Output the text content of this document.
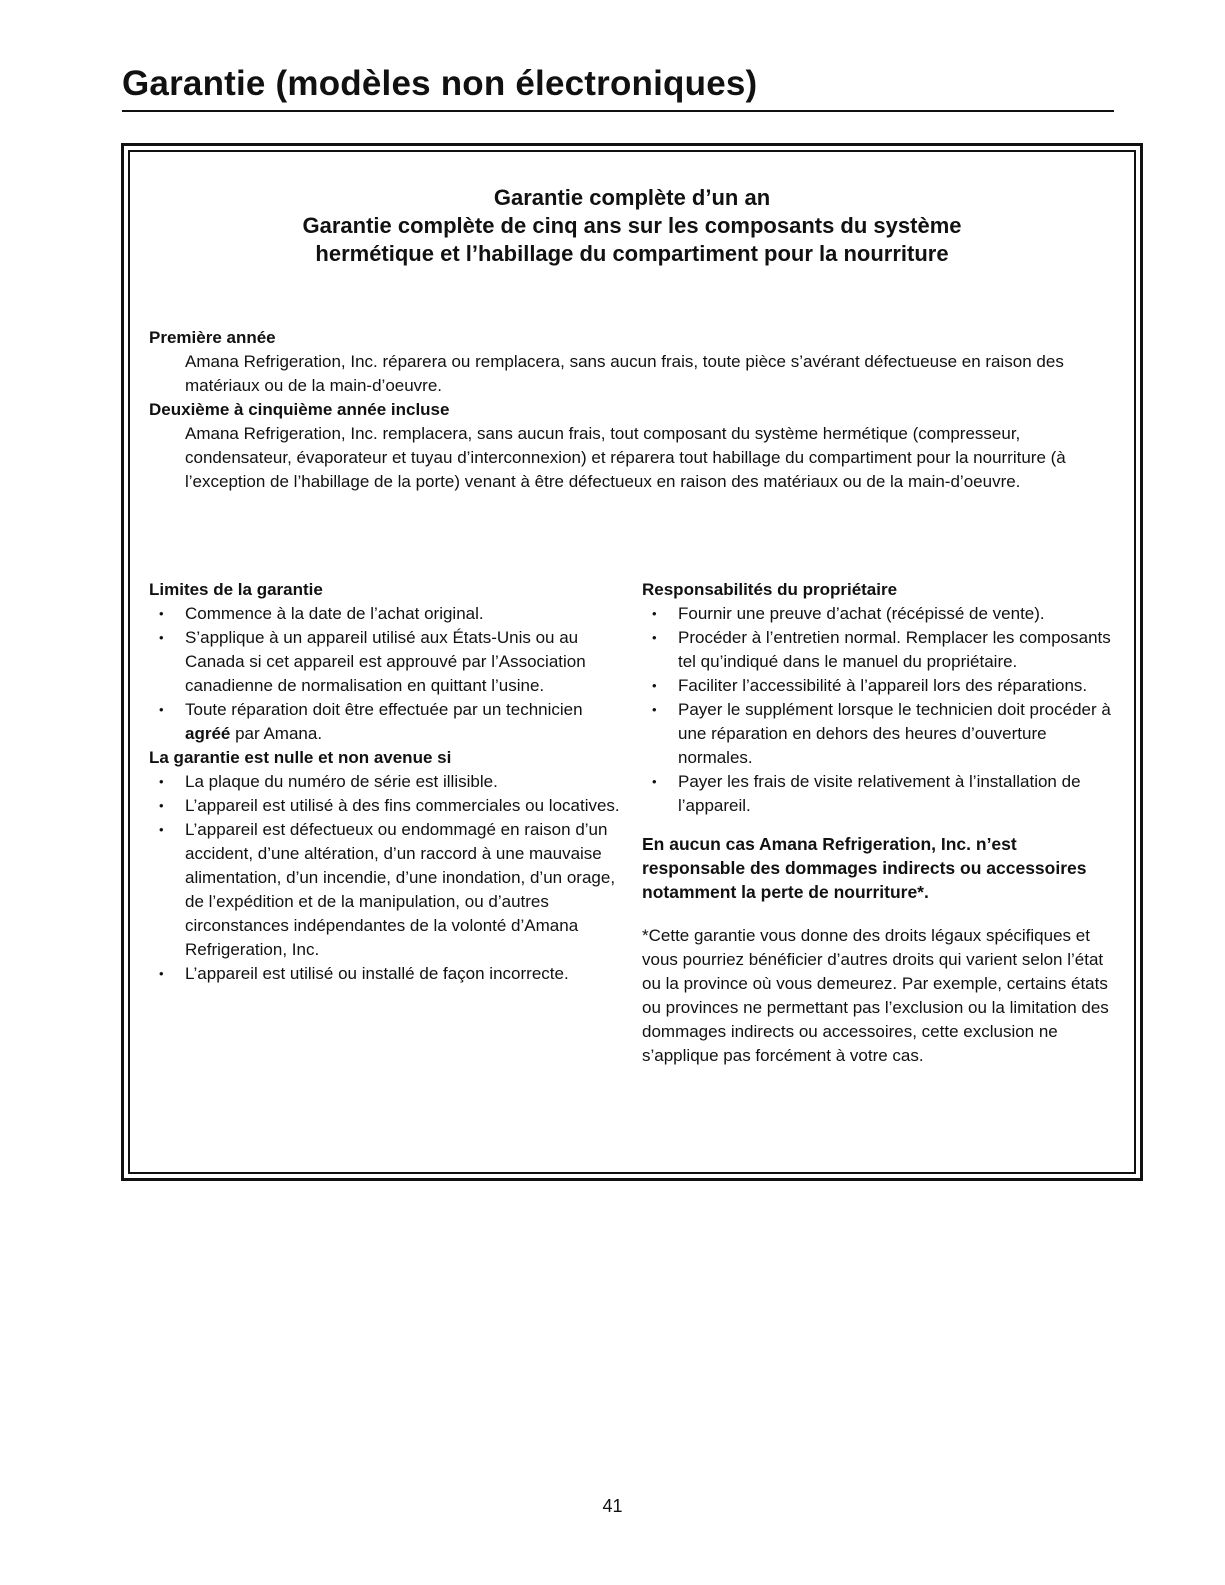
Garantie (modèles non électroniques)
Garantie complète d’un an
Garantie complète de cinq ans sur les composants du système
hermétique et l’habillage du compartiment pour la nourriture
Première année
Amana Refrigeration, Inc. réparera ou remplacera, sans aucun frais, toute pièce s’avérant défectueuse en raison des matériaux ou de la main-d’oeuvre.
Deuxième à cinquième année incluse
Amana Refrigeration, Inc. remplacera, sans aucun frais, tout composant du système hermétique (compresseur, condensateur, évaporateur et tuyau d’interconnexion) et réparera tout habillage du compartiment pour la nourriture (à l’exception de l’habillage de la porte) venant à être défectueux en raison des matériaux ou de la main-d’oeuvre.
Limites de la garantie
• Commence à la date de l’achat original.
• S’applique à un appareil utilisé aux États-Unis ou au Canada si cet appareil est approuvé par l’Association canadienne de normalisation en quittant l’usine.
• Toute réparation doit être effectuée par un technicien agréé par Amana.
La garantie est nulle et non avenue si
• La plaque du numéro de série est illisible.
• L’appareil est utilisé à des fins commerciales ou locatives.
• L’appareil est défectueux ou endommagé en raison d’un accident, d’une altération, d’un raccord à une mauvaise alimentation, d’un incendie, d’une inondation, d’un orage, de l’expédition et de la manipulation, ou d’autres circonstances indépendantes de la volonté d’Amana Refrigeration, Inc.
• L’appareil est utilisé ou installé de façon incorrecte.
Responsabilités du propriétaire
• Fournir une preuve d’achat (récépissé de vente).
• Procéder à l’entretien normal. Remplacer les composants tel qu’indiqué dans le manuel du propriétaire.
• Faciliter l’accessibilité à l’appareil lors des réparations.
• Payer le supplément lorsque le technicien doit procéder à une réparation en dehors des heures d’ouverture normales.
• Payer les frais de visite relativement à l’installation de l’appareil.
En aucun cas Amana Refrigeration, Inc. n’est responsable des dommages indirects ou accessoires notamment la perte de nourriture*.
*Cette garantie vous donne des droits légaux spécifiques et vous pourriez bénéficier d’autres droits qui varient selon l’état ou la province où vous demeurez. Par exemple, certains états ou provinces ne permettant pas l’exclusion ou la limitation des dommages indirects ou accessoires, cette exclusion ne s’applique pas forcément à votre cas.
41
